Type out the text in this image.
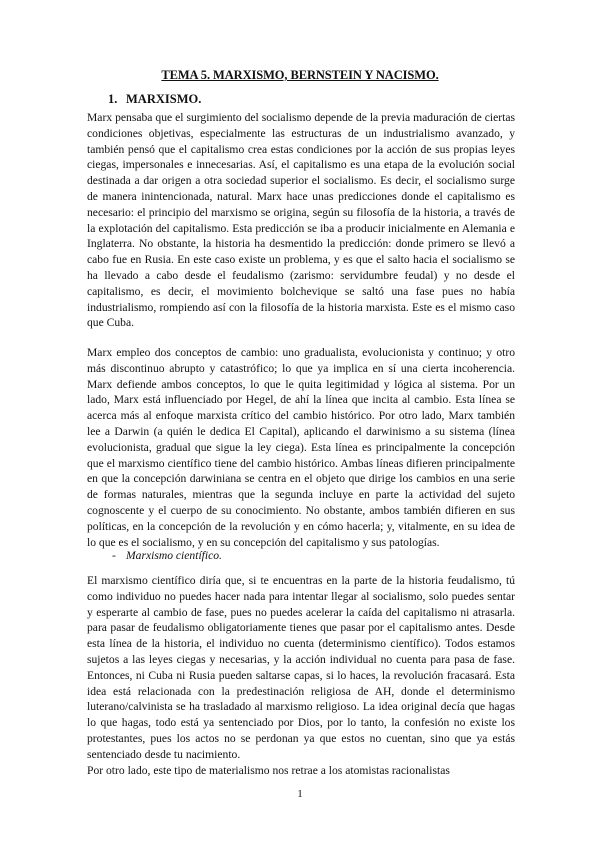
TEMA 5. MARXISMO, BERNSTEIN Y NACISMO.
1. MARXISMO.
Marx pensaba que el surgimiento del socialismo depende de la previa maduración de ciertas condiciones objetivas, especialmente las estructuras de un industrialismo avanzado, y también pensó que el capitalismo crea estas condiciones por la acción de sus propias leyes ciegas, impersonales e innecesarias. Así, el capitalismo es una etapa de la evolución social destinada a dar origen a otra sociedad superior el socialismo. Es decir, el socialismo surge de manera inintencionada, natural. Marx hace unas predicciones donde el capitalismo es necesario: el principio del marxismo se origina, según su filosofía de la historia, a través de la explotación del capitalismo. Esta predicción se iba a producir inicialmente en Alemania e Inglaterra. No obstante, la historia ha desmentido la predicción: donde primero se llevó a cabo fue en Rusia. En este caso existe un problema, y es que el salto hacia el socialismo se ha llevado a cabo desde el feudalismo (zarismo: servidumbre feudal) y no desde el capitalismo, es decir, el movimiento bolchevique se saltó una fase pues no había industrialismo, rompiendo así con la filosofía de la historia marxista. Este es el mismo caso que Cuba.
Marx empleo dos conceptos de cambio: uno gradualista, evolucionista y continuo; y otro más discontinuo abrupto y catastrófico; lo que ya implica en sí una cierta incoherencia. Marx defiende ambos conceptos, lo que le quita legitimidad y lógica al sistema. Por un lado, Marx está influenciado por Hegel, de ahí la línea que incita al cambio. Esta línea se acerca más al enfoque marxista crítico del cambio histórico. Por otro lado, Marx también lee a Darwin (a quién le dedica El Capital), aplicando el darwinismo a su sistema (línea evolucionista, gradual que sigue la ley ciega). Esta línea es principalmente la concepción que el marxismo científico tiene del cambio histórico. Ambas líneas difieren principalmente en que la concepción darwiniana se centra en el objeto que dirige los cambios en una serie de formas naturales, mientras que la segunda incluye en parte la actividad del sujeto cognoscente y el cuerpo de su conocimiento. No obstante, ambos también difieren en sus políticas, en la concepción de la revolución y en cómo hacerla; y, vitalmente, en su idea de lo que es el socialismo, y en su concepción del capitalismo y sus patologías.
- Marxismo científico.
El marxismo científico diría que, si te encuentras en la parte de la historia feudalismo, tú como individuo no puedes hacer nada para intentar llegar al socialismo, solo puedes sentar y esperarte al cambio de fase, pues no puedes acelerar la caída del capitalismo ni atrasarla. para pasar de feudalismo obligatoriamente tienes que pasar por el capitalismo antes. Desde esta línea de la historia, el individuo no cuenta (determinismo científico). Todos estamos sujetos a las leyes ciegas y necesarias, y la acción individual no cuenta para pasa de fase. Entonces, ni Cuba ni Rusia pueden saltarse capas, si lo haces, la revolución fracasará. Esta idea está relacionada con la predestinación religiosa de AH, donde el determinismo luterano/calvinista se ha trasladado al marxismo religioso. La idea original decía que hagas lo que hagas, todo está ya sentenciado por Dios, por lo tanto, la confesión no existe los protestantes, pues los actos no se perdonan ya que estos no cuentan, sino que ya estás sentenciado desde tu nacimiento.
Por otro lado, este tipo de materialismo nos retrae a los atomistas racionalistas
1
